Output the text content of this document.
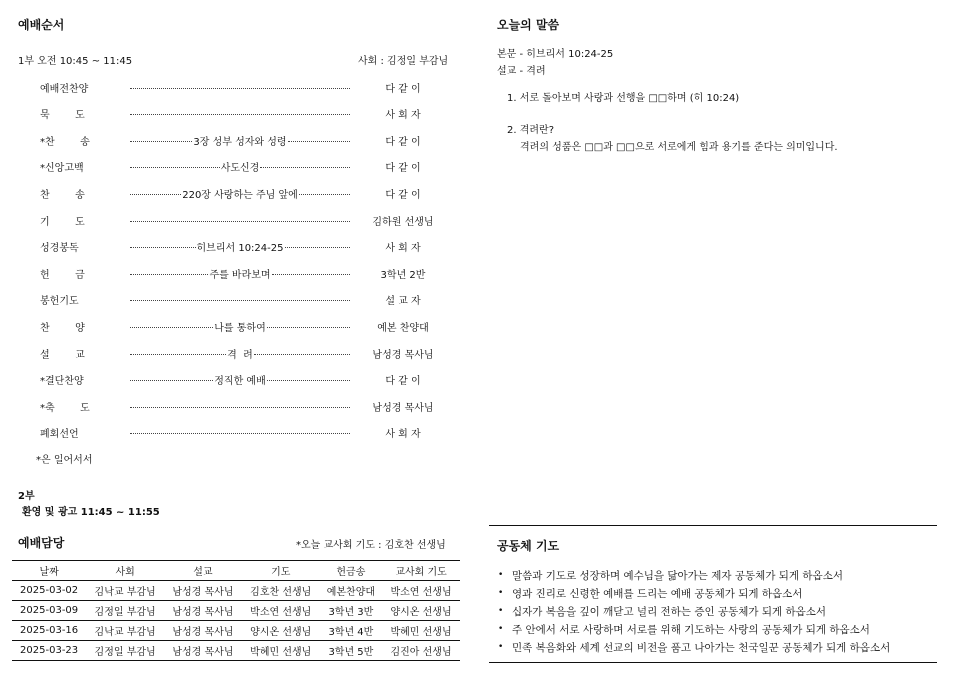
예배순서
1부 오전 10:45 ~ 11:45	사회 : 김정일 부감님
예배전찬양	다 같 이
묵        도	사 회 자
*찬        송	3장 성부 성자와 성령	다 같 이
*신앙고백	사도신경	다 같 이
찬        송	220장 사랑하는 주님 앞에	다 같 이
기        도	김하원 선생님
성경봉독	히브리서 10:24-25	사 회 자
헌        금	주를 바라보며	3학년 2반
봉헌기도	설 교 자
찬        양	나를 통하여	예본 찬양대
설        교	격  려	남성경 목사님
*결단찬양	정직한 예배	다 같 이
*축        도	남성경 목사님
폐회선언	사 회 자
*은 일어서서
2부
환영 및 광고 11:45 ~ 11:55
예배담당	*오늘 교사회 기도 : 김호찬 선생님
날짜	사회	설교	기도	헌금송	교사회 기도
2025-03-02	김낙교 부감님	남성경 목사님	김호찬 선생님	예본찬양대	박소연 선생님
2025-03-09	김정일 부감님	남성경 목사님	박소연 선생님	3학년 3반	양시온 선생님
2025-03-16	김낙교 부감님	남성경 목사님	양시온 선생님	3학년 4반	박혜민 선생님
2025-03-23	김정일 부감님	남성경 목사님	박혜민 선생님	3학년 5반	김진아 선생님
오늘의 말씀
본문 - 히브리서 10:24-25
설교 - 격려
1. 서로 돌아보며 사랑과 선행을 □□하며 (히 10:24)
2. 격려란?
격려의 성품은 □□과 □□으로 서로에게 힘과 용기를 준다는 의미입니다.
공동체 기도
• 말씀과 기도로 성장하며 예수님을 닮아가는 제자 공동체가 되게 하옵소서
• 영과 진리로 신령한 예배를 드리는 예배 공동체가 되게 하옵소서
• 십자가 복음을 깊이 깨닫고 널리 전하는 증인 공동체가 되게 하옵소서
• 주 안에서 서로 사랑하며 서로를 위해 기도하는 사랑의 공동체가 되게 하옵소서
• 민족 복음화와 세계 선교의 비전을 품고 나아가는 천국일꾼 공동체가 되게 하옵소서
